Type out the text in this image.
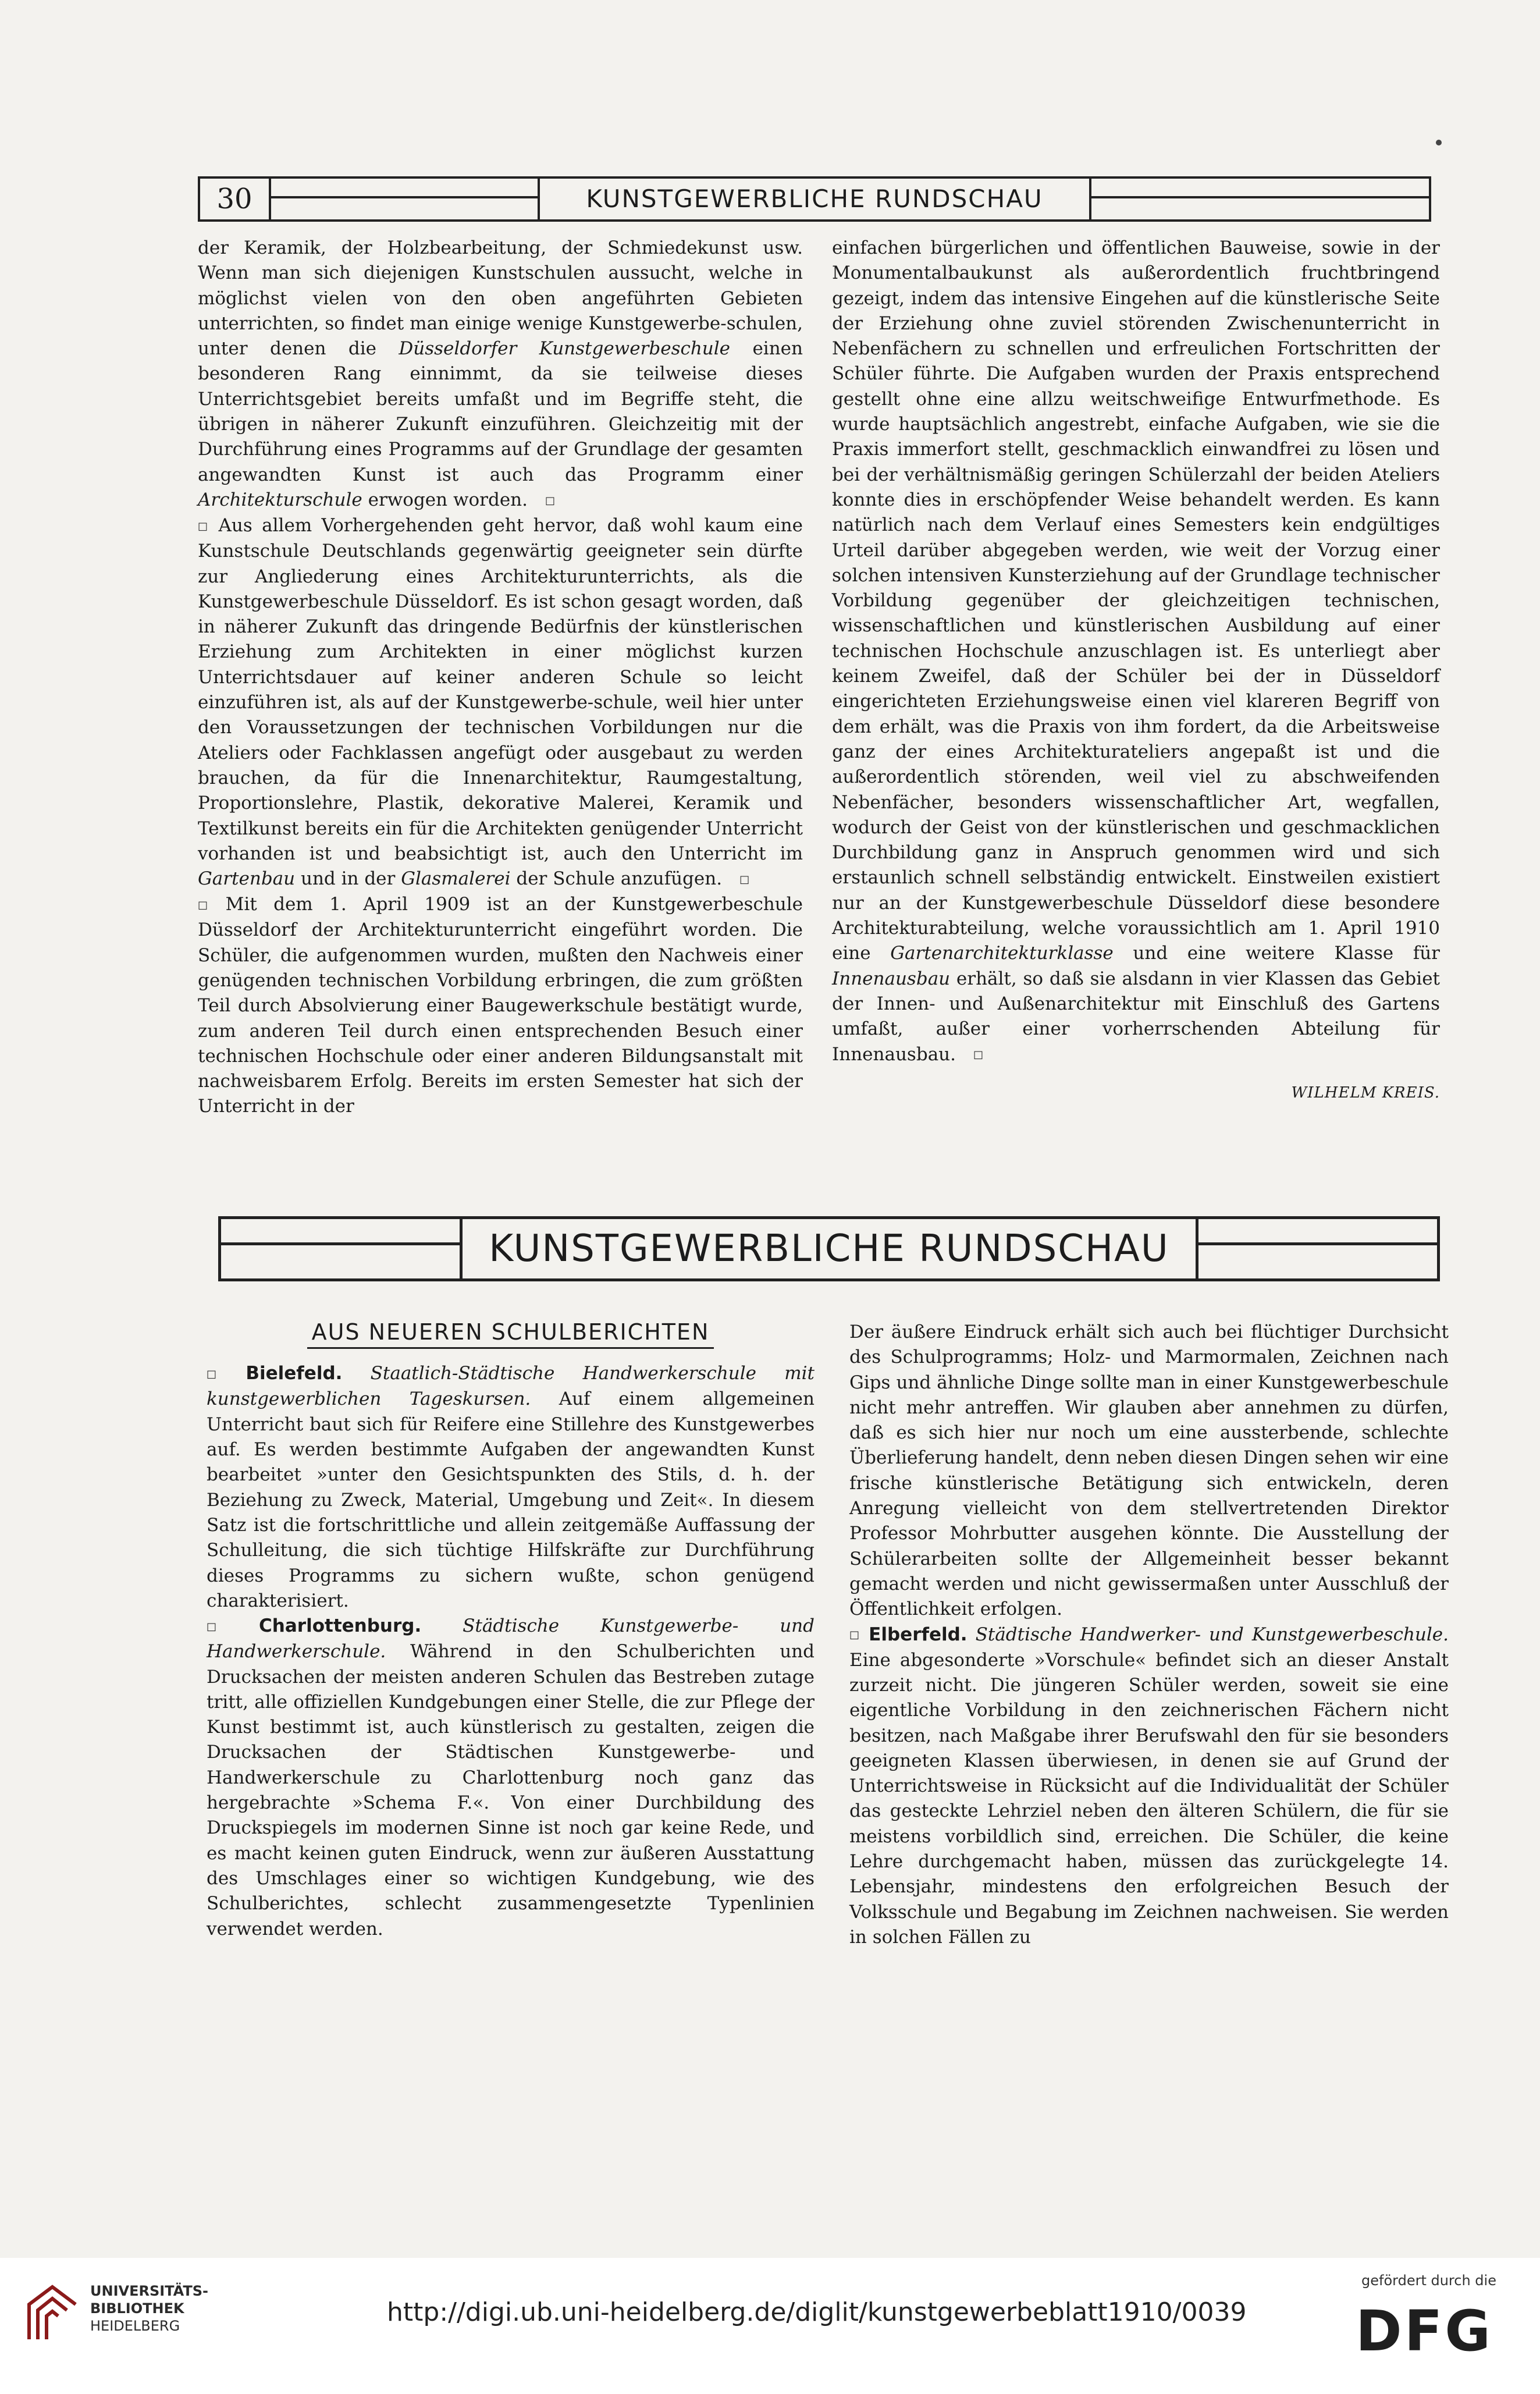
30	KUNSTGEWERBLICHE RUNDSCHAU

der Keramik, der Holzbearbeitung, der Schmiedekunst usw. Wenn man sich diejenigen Kunstschulen aussucht, welche in möglichst vielen von den oben angeführten Gebieten unterrichten, so findet man einige wenige Kunstgewerbe-schulen, unter denen die Düsseldorfer Kunstgewerbeschule einen besonderen Rang einnimmt, da sie teilweise dieses Unterrichtsgebiet bereits umfaßt und im Begriffe steht, die übrigen in näherer Zukunft einzuführen. Gleichzeitig mit der Durchführung eines Programms auf der Grundlage der gesamten angewandten Kunst ist auch das Programm einer Architekturschule erwogen worden. □

□ Aus allem Vorhergehenden geht hervor, daß wohl kaum eine Kunstschule Deutschlands gegenwärtig geeigneter sein dürfte zur Angliederung eines Architekturunterrichts, als die Kunstgewerbeschule Düsseldorf. Es ist schon gesagt worden, daß in näherer Zukunft das dringende Bedürfnis der künstlerischen Erziehung zum Architekten in einer möglichst kurzen Unterrichtsdauer auf keiner anderen Schule so leicht einzuführen ist, als auf der Kunstgewerbe-schule, weil hier unter den Voraussetzungen der technischen Vorbildungen nur die Ateliers oder Fachklassen angefügt oder ausgebaut zu werden brauchen, da für die Innenarchitektur, Raumgestaltung, Proportionslehre, Plastik, dekorative Malerei, Keramik und Textilkunst bereits ein für die Architekten genügender Unterricht vorhanden ist und beabsichtigt ist, auch den Unterricht im Gartenbau und in der Glasmalerei der Schule anzufügen. □

□ Mit dem 1. April 1909 ist an der Kunstgewerbeschule Düsseldorf der Architekturunterricht eingeführt worden. Die Schüler, die aufgenommen wurden, mußten den Nachweis einer genügenden technischen Vorbildung erbringen, die zum größten Teil durch Absolvierung einer Baugewerkschule bestätigt wurde, zum anderen Teil durch einen entsprechenden Besuch einer technischen Hochschule oder einer anderen Bildungsanstalt mit nachweisbarem Erfolg. Bereits im ersten Semester hat sich der Unterricht in der

einfachen bürgerlichen und öffentlichen Bauweise, sowie in der Monumentalbaukunst als außerordentlich fruchtbringend gezeigt, indem das intensive Eingehen auf die künstlerische Seite der Erziehung ohne zuviel störenden Zwischenunterricht in Nebenfächern zu schnellen und erfreulichen Fortschritten der Schüler führte. Die Aufgaben wurden der Praxis entsprechend gestellt ohne eine allzu weitschweifige Entwurfmethode. Es wurde hauptsächlich angestrebt, einfache Aufgaben, wie sie die Praxis immerfort stellt, geschmacklich einwandfrei zu lösen und bei der verhältnismäßig geringen Schülerzahl der beiden Ateliers konnte dies in erschöpfender Weise behandelt werden. Es kann natürlich nach dem Verlauf eines Semesters kein endgültiges Urteil darüber abgegeben werden, wie weit der Vorzug einer solchen intensiven Kunsterziehung auf der Grundlage technischer Vorbildung gegenüber der gleichzeitigen technischen, wissenschaftlichen und künstlerischen Ausbildung auf einer technischen Hochschule anzuschlagen ist. Es unterliegt aber keinem Zweifel, daß der Schüler bei der in Düsseldorf eingerichteten Erziehungsweise einen viel klareren Begriff von dem erhält, was die Praxis von ihm fordert, da die Arbeitsweise ganz der eines Architekturateliers angepaßt ist und die außerordentlich störenden, weil viel zu abschweifenden Nebenfächer, besonders wissenschaftlicher Art, wegfallen, wodurch der Geist von der künstlerischen und geschmacklichen Durchbildung ganz in Anspruch genommen wird und sich erstaunlich schnell selbständig entwickelt. Einstweilen existiert nur an der Kunstgewerbeschule Düsseldorf diese besondere Architekturabteilung, welche voraussichtlich am 1. April 1910 eine Gartenarchitekturklasse und eine weitere Klasse für Innenausbau erhält, so daß sie alsdann in vier Klassen das Gebiet der Innen- und Außenarchitektur mit Einschluß des Gartens umfaßt, außer einer vorherrschenden Abteilung für Innenausbau. □

WILHELM KREIS.
KUNSTGEWERBLICHE RUNDSCHAU
AUS NEUEREN SCHULBERICHTEN

□ Bielefeld. Staatlich-Städtische Handwerkerschule mit kunstgewerblichen Tageskursen. Auf einem allgemeinen Unterricht baut sich für Reifere eine Stillehre des Kunstgewerbes auf. Es werden bestimmte Aufgaben der angewandten Kunst bearbeitet »unter den Gesichtspunkten des Stils, d. h. der Beziehung zu Zweck, Material, Umgebung und Zeit«. In diesem Satz ist die fortschrittliche und allein zeitgemäße Auffassung der Schulleitung, die sich tüchtige Hilfskräfte zur Durchführung dieses Programms zu sichern wußte, schon genügend charakterisiert.

□ Charlottenburg. Städtische Kunstgewerbe- und Handwerkerschule. Während in den Schulberichten und Drucksachen der meisten anderen Schulen das Bestreben zutage tritt, alle offiziellen Kundgebungen einer Stelle, die zur Pflege der Kunst bestimmt ist, auch künstlerisch zu gestalten, zeigen die Drucksachen der Städtischen Kunstgewerbe- und Handwerkerschule zu Charlottenburg noch ganz das hergebrachte »Schema F.«. Von einer Durchbildung des Druckspiegels im modernen Sinne ist noch gar keine Rede, und es macht keinen guten Eindruck, wenn zur äußeren Ausstattung des Umschlages einer so wichtigen Kundgebung, wie des Schulberichtes, schlecht zusammengesetzte Typenlinien verwendet werden.

Der äußere Eindruck erhält sich auch bei flüchtiger Durchsicht des Schulprogramms; Holz- und Marmormalen, Zeichnen nach Gips und ähnliche Dinge sollte man in einer Kunstgewerbeschule nicht mehr antreffen. Wir glauben aber annehmen zu dürfen, daß es sich hier nur noch um eine aussterbende, schlechte Überlieferung handelt, denn neben diesen Dingen sehen wir eine frische künstlerische Betätigung sich entwickeln, deren Anregung vielleicht von dem stellvertretenden Direktor Professor Mohrbutter ausgehen könnte. Die Ausstellung der Schülerarbeiten sollte der Allgemeinheit besser bekannt gemacht werden und nicht gewissermaßen unter Ausschluß der Öffentlichkeit erfolgen.

□ Elberfeld. Städtische Handwerker- und Kunstgewerbeschule. Eine abgesonderte »Vorschule« befindet sich an dieser Anstalt zurzeit nicht. Die jüngeren Schüler werden, soweit sie eine eigentliche Vorbildung in den zeichnerischen Fächern nicht besitzen, nach Maßgabe ihrer Berufswahl den für sie besonders geeigneten Klassen überwiesen, in denen sie auf Grund der Unterrichtsweise in Rücksicht auf die Individualität der Schüler das gesteckte Lehrziel neben den älteren Schülern, die für sie meistens vorbildlich sind, erreichen. Die Schüler, die keine Lehre durchgemacht haben, müssen das zurückgelegte 14. Lebensjahr, mindestens den erfolgreichen Besuch der Volksschule und Begabung im Zeichnen nachweisen. Sie werden in solchen Fällen zu

UNIVERSITÄTS-
BIBLIOTHEK
HEIDELBERG	http://digi.ub.uni-heidelberg.de/diglit/kunstgewerbeblatt1910/0039
gefördert durch die
DFG
